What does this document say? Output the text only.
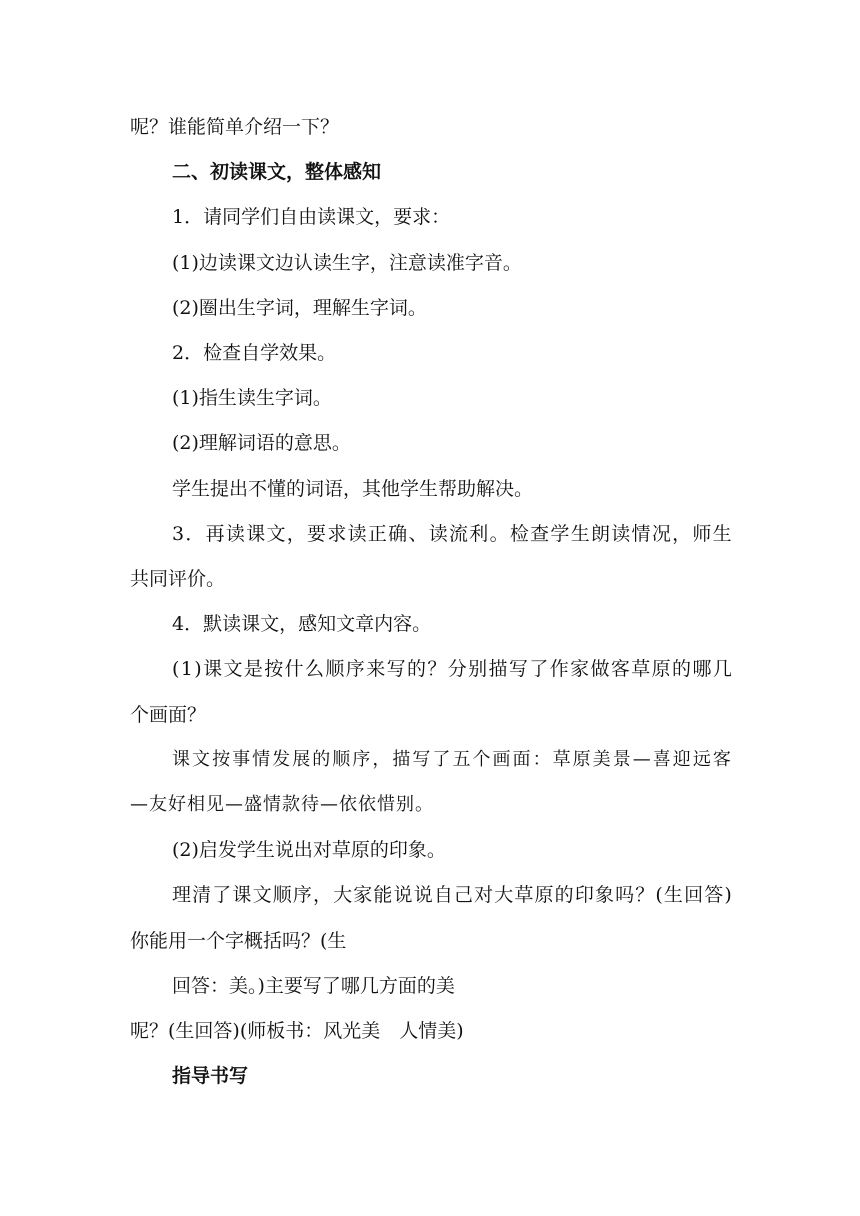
呢？谁能简单介绍一下？
二、初读课文，整体感知
1．请同学们自由读课文，要求：
(1)边读课文边认读生字，注意读准字音。
(2)圈出生字词，理解生字词。
2．检查自学效果。
(1)指生读生字词。
(2)理解词语的意思。
学生提出不懂的词语，其他学生帮助解决。
3 ． 再 读 课 文 ， 要 求 读 正 确 、 读 流 利 。 检 查 学 生 朗 读 情 况 ， 师 生
共同评价。
4．默读课文，感知文章内容。
( 1 ) 课 文 是 按 什 么 顺 序 来 写 的 ？ 分 别 描 写 了 作 家 做 客 草 原 的 哪 几
个画面？
课 文 按 事 情 发 展 的 顺 序 ， 描 写 了 五 个 画 面 ： 草 原 美 景 — 喜 迎 远 客
—友好相见—盛情款待—依依惜别。
(2)启发学生说出对草原的印象。
理 清 了 课 文 顺 序 ， 大 家 能 说 说 自 己 对 大 草 原 的 印 象 吗 ？ ( 生 回 答 )
你能用一个字概括吗？(生
回答：美。)主要写了哪几方面的美
呢？(生回答)(师板书：风光美　人情美)
指导书写
